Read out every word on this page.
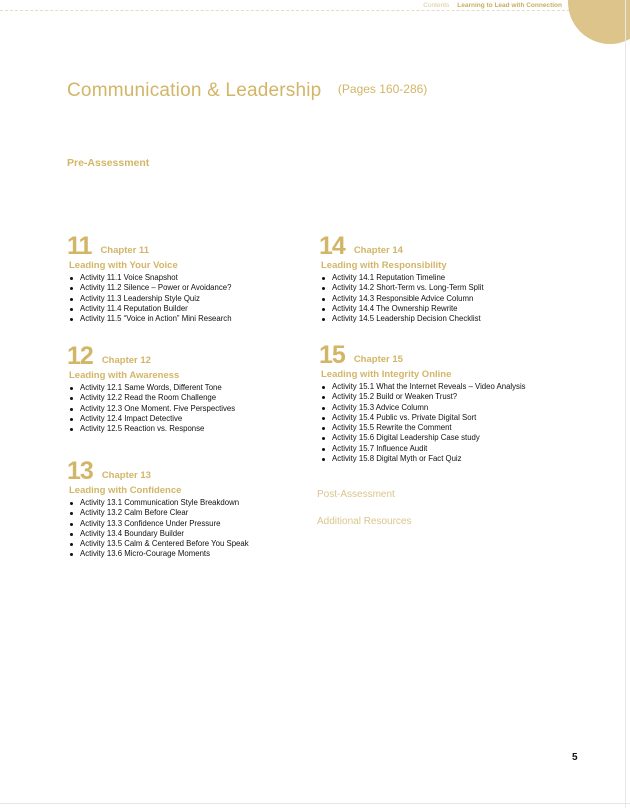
Contents Learning to Lead with Connection
Communication & Leadership (Pages 160-286)
Pre-Assessment
11 Chapter 11
Leading with Your Voice
Activity 11.1 Voice Snapshot
Activity 11.2 Silence – Power or Avoidance?
Activity 11.3 Leadership Style Quiz
Activity 11.4 Reputation Builder
Activity 11.5 “Voice in Action” Mini Research
12 Chapter 12
Leading with Awareness
Activity 12.1 Same Words, Different Tone
Activity 12.2 Read the Room Challenge
Activity 12.3 One Moment. Five Perspectives
Activity 12.4 Impact Detective
Activity 12.5 Reaction vs. Response
13 Chapter 13
Leading with Confidence
Activity 13.1 Communication Style Breakdown
Activity 13.2 Calm Before Clear
Activity 13.3 Confidence Under Pressure
Activity 13.4 Boundary Builder
Activity 13.5 Calm & Centered Before You Speak
Activity 13.6 Micro-Courage Moments
14 Chapter 14
Leading with Responsibility
Activity 14.1 Reputation Timeline
Activity 14.2 Short-Term vs. Long-Term Split
Activity 14.3 Responsible Advice Column
Activity 14.4 The Ownership Rewrite
Activity 14.5 Leadership Decision Checklist
15 Chapter 15
Leading with Integrity Online
Activity 15.1 What the Internet Reveals – Video Analysis
Activity 15.2 Build or Weaken Trust?
Activity 15.3 Advice Column
Activity 15.4 Public vs. Private Digital Sort
Activity 15.5 Rewrite the Comment
Activity 15.6 Digital Leadership Case study
Activity 15.7 Influence Audit
Activity 15.8 Digital Myth or Fact Quiz
Post-Assessment
Additional Resources
5
